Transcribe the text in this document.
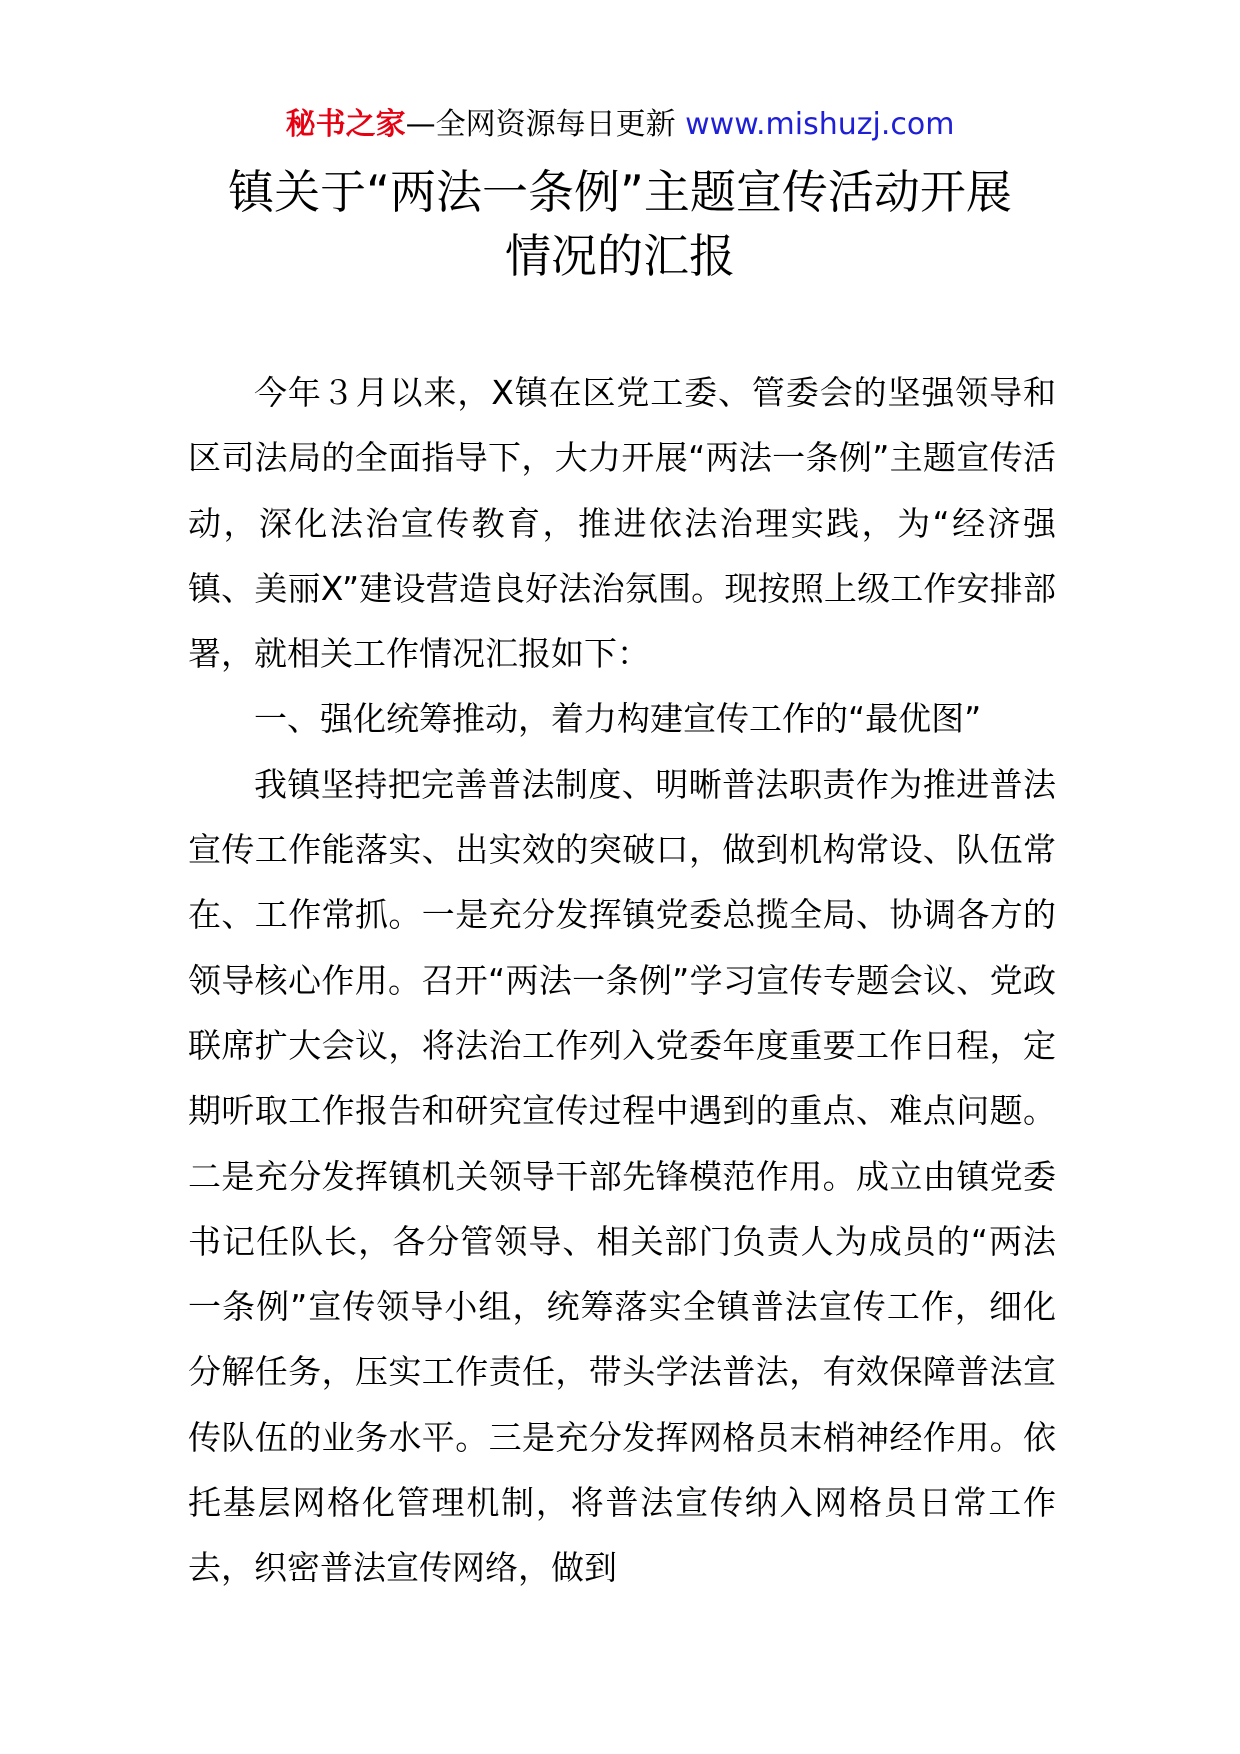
秘书之家—全网资源每日更新 www.mishuzj.com
镇关于“两法一条例”主题宣传活动开展
情况的汇报

今年３月以来，X镇在区党工委、管委会的坚强领导和区司法局的全面指导下，大力开展“两法一条例”主题宣传活动，深化法治宣传教育，推进依法治理实践，为“经济强镇、美丽X”建设营造良好法治氛围。现按照上级工作安排部署，就相关工作情况汇报如下：

一、强化统筹推动，着力构建宣传工作的“最优图”

我镇坚持把完善普法制度、明晰普法职责作为推进普法宣传工作能落实、出实效的突破口，做到机构常设、队伍常在、工作常抓。一是充分发挥镇党委总揽全局、协调各方的领导核心作用。召开“两法一条例”学习宣传专题会议、党政联席扩大会议，将法治工作列入党委年度重要工作日程，定期听取工作报告和研究宣传过程中遇到的重点、难点问题。二是充分发挥镇机关领导干部先锋模范作用。成立由镇党委书记任队长，各分管领导、相关部门负责人为成员的“两法一条例”宣传领导小组，统筹落实全镇普法宣传工作，细化分解任务，压实工作责任，带头学法普法，有效保障普法宣传队伍的业务水平。三是充分发挥网格员末梢神经作用。依托基层网格化管理机制，将普法宣传纳入网格员日常工作去，织密普法宣传网络，做到
